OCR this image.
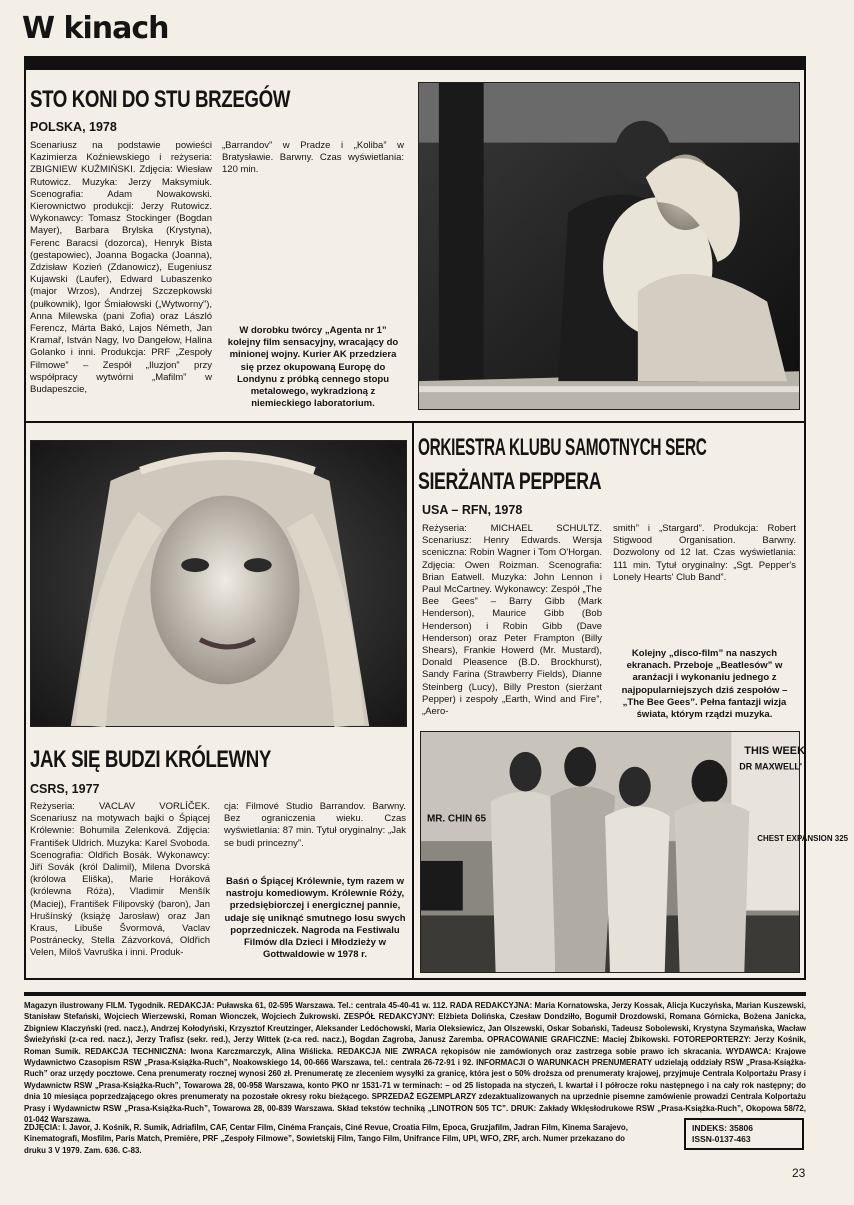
W kinach
STO KONI DO STU BRZEGÓW
POLSKA, 1978
Scenariusz na podstawie powieści Kazimierza Koźniewskiego i reżyseria: ZBIGNIEW KUŹMIŃSKI. Zdjęcia: Wiesław Rutowicz. Muzyka: Jerzy Maksymiuk. Scenografia: Adam Nowakowski. Kierownictwo produkcji: Jerzy Rutowicz. Wykonawcy: Tomasz Stockinger (Bogdan Mayer), Barbara Brylska (Krystyna), Ferenc Baracsi (dozorca), Henryk Bista (gestapowiec), Joanna Bogacka (Joanna), Zdzisław Kozień (Zdanowicz), Eugeniusz Kujawski (Laufer), Edward Lubaszenko (major Wrzos), Andrzej Szczepkowski (pułkownik), Igor Śmiałowski („Wytworny”), Anna Milewska (pani Zofia) oraz László Ferencz, Márta Bakó, Lajos Németh, Jan Kramař, István Nagy, Ivo Dangełow, Halina Golanko i inni. Produkcja: PRF „Zespoły Filmowe” – Zespół „Iluzjon” przy współpracy wytwórni „Mafilm” w Budapeszcie,
„Barrandov” w Pradze i „Koliba” w Bratysławie. Barwny. Czas wyświetlania: 120 min.
W dorobku twórcy „Agenta nr 1” kolejny film sensacyjny, wracający do minionej wojny. Kurier AK przedziera się przez okupowaną Europę do Londynu z próbką cennego stopu metalowego, wykradzioną z niemieckiego laboratorium.
ORKIESTRA KLUBU SAMOTNYCH SERC
SIERŻANTA PEPPERA
USA – RFN, 1978
Reżyseria: MICHAEL SCHULTZ. Scenariusz: Henry Edwards. Wersja sceniczna: Robin Wagner i Tom O'Horgan. Zdjęcia: Owen Roizman. Scenografia: Brian Eatwell. Muzyka: John Lennon i Paul McCartney. Wykonawcy: Zespół „The Bee Gees” – Barry Gibb (Mark Henderson), Maurice Gibb (Bob Henderson) i Robin Gibb (Dave Henderson) oraz Peter Frampton (Billy Shears), Frankie Howerd (Mr. Mustard), Donald Pleasence (B.D. Brockhurst), Sandy Farina (Strawberry Fields), Dianne Steinberg (Lucy), Billy Preston (sierżant Pepper) i zespoły „Earth, Wind and Fire”, „Aero-
smith” i „Stargard”. Produkcja: Robert Stigwood Organisation. Barwny. Dozwolony od 12 lat. Czas wyświetlania: 111 min. Tytuł oryginalny: „Sgt. Pepper's Lonely Hearts' Club Band”.
Kolejny „disco-film” na naszych ekranach. Przeboje „Beatlesów” w aranżacji i wykonaniu jednego z najpopularniejszych dziś zespołów – „The Bee Gees”. Pełna fantazji wizja świata, którym rządzi muzyka.
THIS WEEK
DR MAXWELL'
MR. CHIN 65
CHEST EXPANSION 325
JAK SIĘ BUDZI KRÓLEWNY
CSRS, 1977
Reżyseria: VACLAV VORLÍČEK. Scenariusz na motywach bajki o Śpiącej Królewnie: Bohumila Zelenková. Zdjęcia: František Uldrich. Muzyka: Karel Svoboda. Scenografia: Oldřich Bosák. Wykonawcy: Jiří Sovák (król Dalimil), Milena Dvorská (królowa Eliška), Marie Horáková (królewna Róża), Vladimir Menšík (Maciej), František Filipovský (baron), Jan Hrušínský (książę Jarosław) oraz Jan Kraus, Libuše Švormová, Vaclav Postránecky, Stella Zázvorková, Oldřich Velen, Miloš Vavruška i inni. Produk-
cja: Filmové Studio Barrandov. Barwny. Bez ograniczenia wieku. Czas wyświetlania: 87 min. Tytuł oryginalny: „Jak se budi princezny”.
Baśń o Śpiącej Królewnie, tym razem w nastroju komediowym. Królewnie Róży, przedsiębiorczej i energicznej pannie, udaje się uniknąć smutnego losu swych poprzedniczek. Nagroda na Festiwalu Filmów dla Dzieci i Młodzieży w Gottwaldowie w 1978 r.
Magazyn ilustrowany FILM. Tygodnik. REDAKCJA: Puławska 61, 02-595 Warszawa. Tel.: centrala 45-40-41 w. 112. RADA REDAKCYJNA: Maria Kornatowska, Jerzy Kossak, Alicja Kuczyńska, Marian Kuszewski, Stanisław Stefański, Wojciech Wierzewski, Roman Wionczek, Wojciech Żukrowski. ZESPÓŁ REDAKCYJNY: Elżbieta Dolińska, Czesław Dondziłło, Bogumił Drozdowski, Romana Górnicka, Bożena Janicka, Zbigniew Klaczyński (red. nacz.), Andrzej Kołodyński, Krzysztof Kreutzinger, Aleksander Ledóchowski, Maria Oleksiewicz, Jan Olszewski, Oskar Sobański, Tadeusz Sobolewski, Krystyna Szymańska, Wacław Świeżyński (z-ca red. nacz.), Jerzy Trafisz (sekr. red.), Jerzy Wittek (z-ca red. nacz.), Bogdan Zagroba, Janusz Zaremba. OPRACOWANIE GRAFICZNE: Maciej Żbikowski. FOTOREPORTERZY: Jerzy Kośnik, Roman Sumik. REDAKCJA TECHNICZNA: Iwona Karczmarczyk, Alina Wiślicka. REDAKCJA NIE ZWRACA rękopisów nie zamówionych oraz zastrzega sobie prawo ich skracania. WYDAWCA: Krajowe Wydawnictwo Czasopism RSW „Prasa-Książka-Ruch”, Noakowskiego 14, 00-666 Warszawa, tel.: centrala 26-72-91 i 92. INFORMACJI O WARUNKACH PRENUMERATY udzielają oddziały RSW „Prasa-Książka-Ruch” oraz urzędy pocztowe. Cena prenumeraty rocznej wynosi 260 zł. Prenumeratę ze zleceniem wysyłki za granicę, która jest o 50% droższa od prenumeraty krajowej, przyjmuje Centrala Kolportażu Prasy i Wydawnictw RSW „Prasa-Książka-Ruch”, Towarowa 28, 00-958 Warszawa, konto PKO nr 1531-71 w terminach: – od 25 listopada na styczeń, I. kwartał i I półrocze roku następnego i na cały rok następny; do dnia 10 miesiąca poprzedzającego okres prenumeraty na pozostałe okresy roku bieżącego. SPRZEDAŻ EGZEMPLARZY zdezaktualizowanych na uprzednie pisemne zamówienie prowadzi Centrala Kolportażu Prasy i Wydawnictw RSW „Prasa-Książka-Ruch”, Towarowa 28, 00-839 Warszawa. Skład tekstów techniką „LINOTRON 505 TC”. DRUK: Zakłady Wklęsłodrukowe RSW „Prasa-Książka-Ruch”, Okopowa 58/72, 01-042 Warszawa.
ZDJĘCIA: I. Javor, J. Kośnik, R. Sumik, Adriafilm, CAF, Centar Film, Cinéma Français, Ciné Revue, Croatia Film, Epoca, Gruzjafilm, Jadran Film, Kinema Sarajevo, Kinematografi, Mosfilm, Paris Match, Première, PRF „Zespoły Filmowe”, Sowietskij Film, Tango Film, Unifrance Film, UPI, WFO, ZRF, arch. Numer przekazano do druku 3 V 1979. Zam. 636. C-83.
INDEKS: 35806
ISSN-0137-463
23
